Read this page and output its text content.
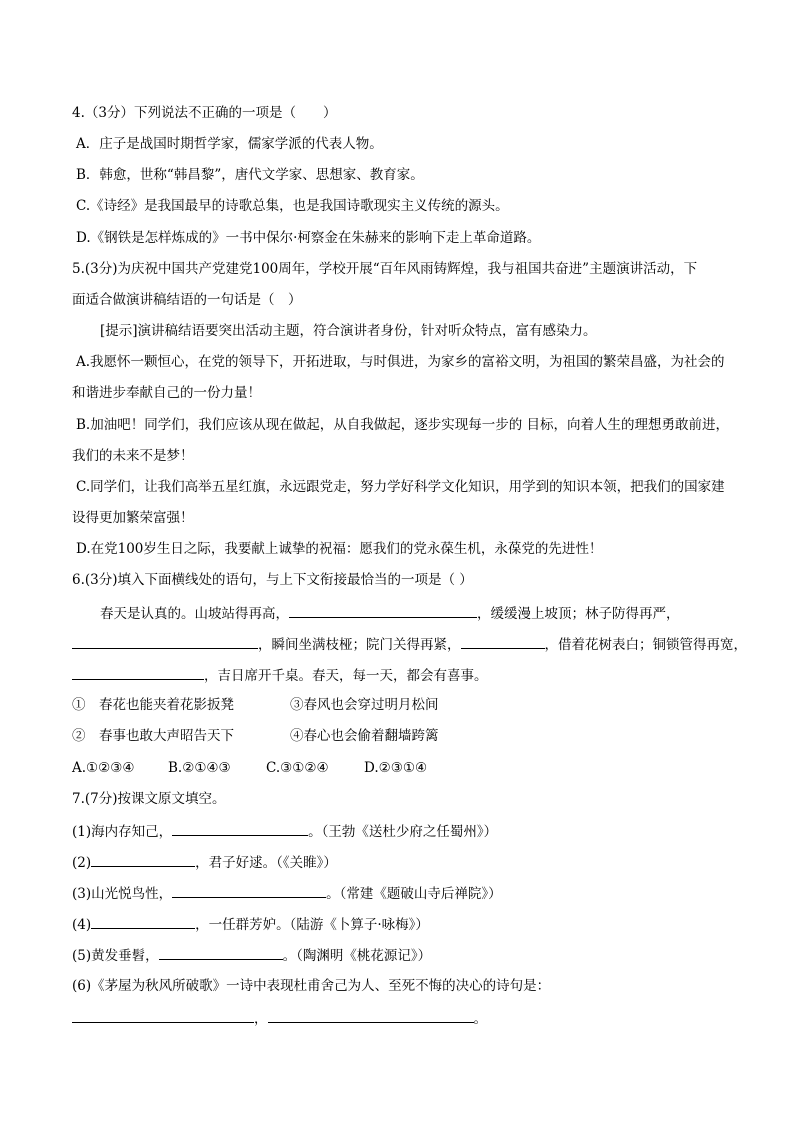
4.（3分）下列说法不正确的一项是（　　）
A．庄子是战国时期哲学家，儒家学派的代表人物。
B．韩愈，世称“韩昌黎”，唐代文学家、思想家、教育家。
C.《诗经》是我国最早的诗歌总集，也是我国诗歌现实主义传统的源头。
D.《钢铁是怎样炼成的》一书中保尔·柯察金在朱赫来的影响下走上革命道路。
5.(3分)为庆祝中国共产党建党100周年，学校开展“百年风雨铸辉煌，我与祖国共奋进”主题演讲活动，下
面适合做演讲稿结语的一句话是（　）
[提示]演讲稿结语要突出活动主题，符合演讲者身份，针对听众特点，富有感染力。
A.我愿怀一颗恒心，在党的领导下，开拓进取，与时俱进，为家乡的富裕文明，为祖国的繁荣昌盛，为社会的
和谐进步奉献自己的一份力量！
B.加油吧！同学们，我们应该从现在做起，从自我做起，逐步实现每一步的 目标，向着人生的理想勇敢前进，
我们的未来不是梦！
C.同学们，让我们高举五星红旗，永远跟党走，努力学好科学文化知识，用学到的知识本领，把我们的国家建
设得更加繁荣富强！
D.在党100岁生日之际，我要献上诚挚的祝福：愿我们的党永葆生机，永葆党的先进性！
6.(3分)填入下面横线处的语句，与上下文衔接最恰当的一项是（ ）
春天是认真的。山坡站得再高，	，缓缓漫上坡顶；林子防得再严，
，瞬间坐满枝桠；院门关得再紧，	，借着花树表白；铜锁管得再宽，
，吉日席开千桌。春天，每一天，都会有喜事。
①　春花也能夹着花影扳凳	③春风也会穿过明月松间
②　春事也敢大声昭告天下	④春心也会偷着翻墙跨篱
A.①②③④ B.②①④③	C.③①②④	D.②③①④
7.(7分)按课文原文填空。
(1)海内存知己，	。（王勃《送杜少府之任蜀州》）
(2)	，君子好逑。（《关睢》）
(3)山光悦鸟性，	。（常建《题破山寺后禅院》）
(4)	，一任群芳妒。（陆游《卜算子·咏梅》）
(5)黄发垂髫，	。（陶渊明《桃花源记》）
(6)《茅屋为秋风所破歌》一诗中表现杜甫舍己为人、至死不悔的决心的诗句是：
，	。
